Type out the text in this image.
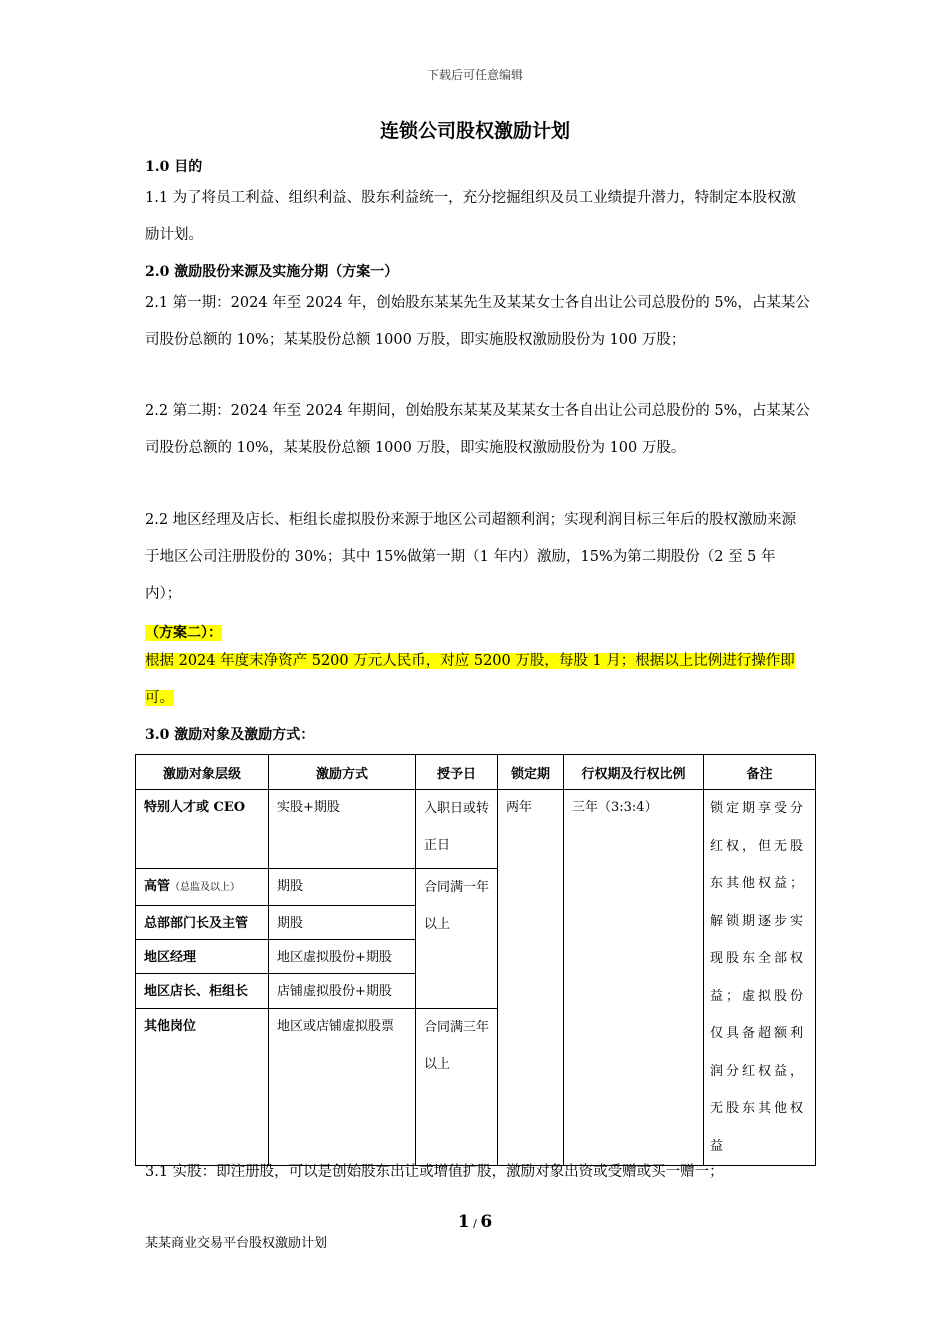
下载后可任意编辑
连锁公司股权激励计划
1.0 目的
1.1 为了将员工利益、组织利益、股东利益统一，充分挖掘组织及员工业绩提升潜力，特制定本股权激励计划。
2.0 激励股份来源及实施分期（方案一）
2.1 第一期：2024 年至 2024 年，创始股东某某先生及某某女士各自出让公司总股份的 5%，占某某公司股份总额的 10%；某某股份总额 1000 万股，即实施股权激励股份为 100 万股；
2.2 第二期：2024 年至 2024 年期间，创始股东某某及某某女士各自出让公司总股份的 5%，占某某公司股份总额的 10%，某某股份总额 1000 万股，即实施股权激励股份为 100 万股。
2.2 地区经理及店长、柜组长虚拟股份来源于地区公司超额利润；实现利润目标三年后的股权激励来源于地区公司注册股份的 30%；其中 15%做第一期（1 年内）激励，15%为第二期股份（2 至 5 年内）；
（方案二）：
根据 2024 年度末净资产 5200 万元人民币，对应 5200 万股，每股 1 月；根据以上比例进行操作即可。
3.0 激励对象及激励方式：
激励对象层级	激励方式	授予日	锁定期	行权期及行权比例	备注
特别人才或 CEO	实股+期股	入职日或转正日	两年	三年（3:3:4）	锁定期享受分红权，但无股东其他权益；解锁期逐步实现股东全部权益；虚拟股份仅具备超额利润分红权益，无股东其他权益
高管（总监及以上）	期股	合同满一年以上			
总部部门长及主管	期股				
地区经理	地区虚拟股份+期股				
地区店长、柜组长	店铺虚拟股份+期股				
其他岗位	地区或店铺虚拟股票	合同满三年以上			
3.1 实股：即注册股，可以是创始股东出让或增值扩股，激励对象出资或受赠或买一赠一；
1 / 6
某某商业交易平台股权激励计划
